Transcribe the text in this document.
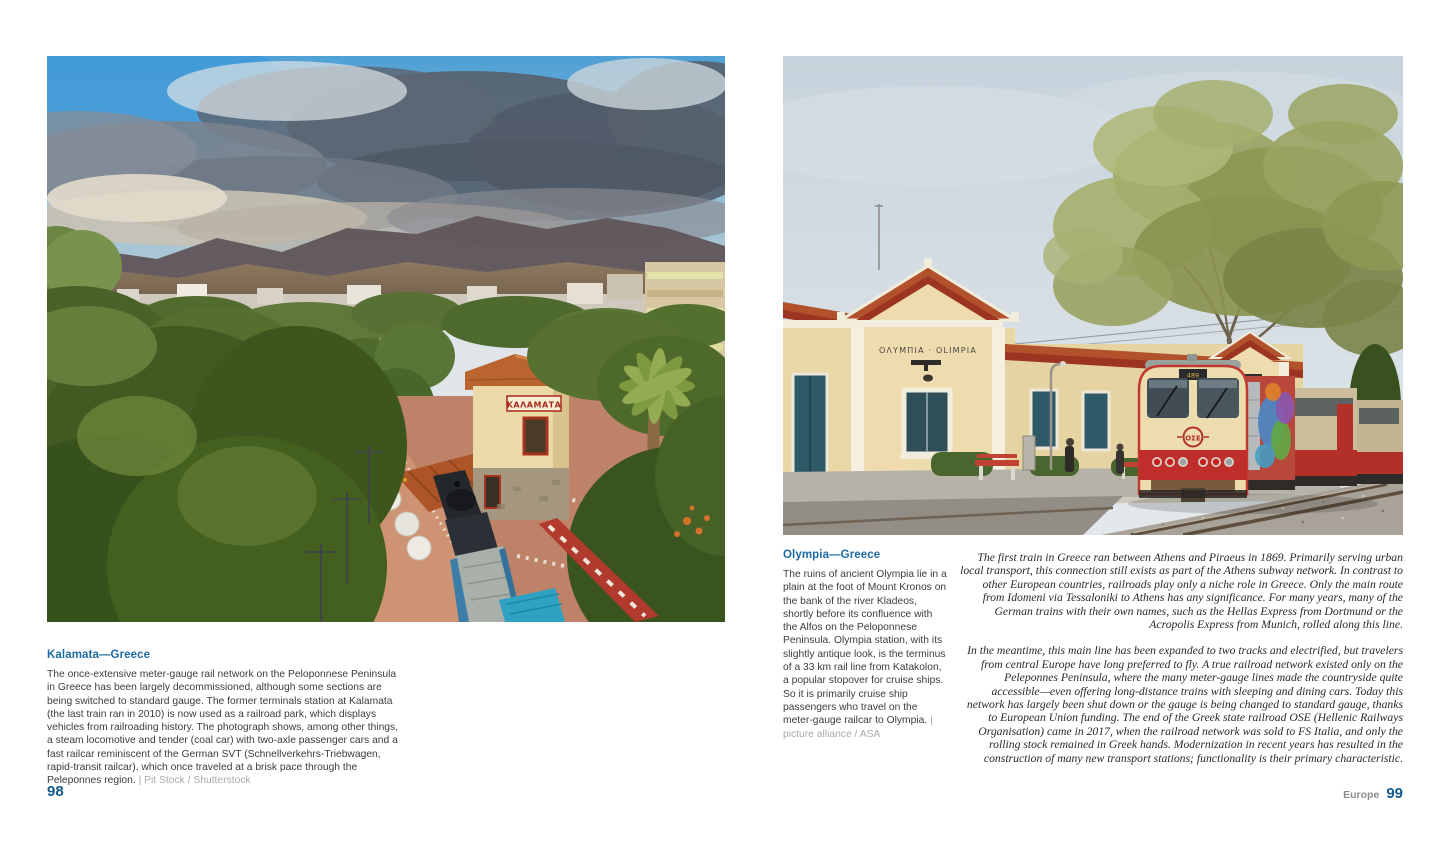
ΚΑΛΑΜΑΤΑ
Kalamata—Greece

The once-extensive meter-gauge rail network on the Peloponnese Peninsula in Greece has been largely decommissioned, although some sections are being switched to standard gauge. The former terminals station at Kalamata (the last train ran in 2010) is now used as a railroad park, which displays vehicles from railroading history. The photograph shows, among other things, a steam locomotive and tender (coal car) with two-axle passenger cars and a fast railcar reminiscent of the German SVT (Schnellverkehrs-Triebwagen, rapid-transit railcar), which once traveled at a brisk pace through the Peleponnes region. | Pit Stock / Shutterstock

98
ΟΛΥΜΠΙΑ · OLIMPIA
489
ΟΣΕ
Olympia—Greece

The ruins of ancient Olympia lie in a plain at the foot of Mount Kronos on the bank of the river Kladeos, shortly before its confluence with the Alfos on the Peloponnese Peninsula. Olympia station, with its slightly antique look, is the terminus of a 33 km rail line from Katakolon, a popular stopover for cruise ships. So it is primarily cruise ship passengers who travel on the meter-gauge railcar to Olympia. | picture alliance / ASA

The first train in Greece ran between Athens and Piraeus in 1869. Primarily serving urban local transport, this connection still exists as part of the Athens subway network. In contrast to other European countries, railroads play only a niche role in Greece. Only the main route from Idomeni via Tessaloniki to Athens has any significance. For many years, many of the German trains with their own names, such as the Hellas Express from Dortmund or the Acropolis Express from Munich, rolled along this line.

In the meantime, this main line has been expanded to two tracks and electrified, but travelers from central Europe have long preferred to fly. A true railroad network existed only on the Peleponnes Peninsula, where the many meter-gauge lines made the countryside quite accessible—even offering long-distance trains with sleeping and dining cars. Today this network has largely been shut down or the gauge is being changed to standard gauge, thanks to European Union funding. The end of the Greek state railroad OSE (Hellenic Railways Organisation) came in 2017, when the railroad network was sold to FS Italia, and only the rolling stock remained in Greek hands. Modernization in recent years has resulted in the construction of many new transport stations; functionality is their primary characteristic.

Europe 99
